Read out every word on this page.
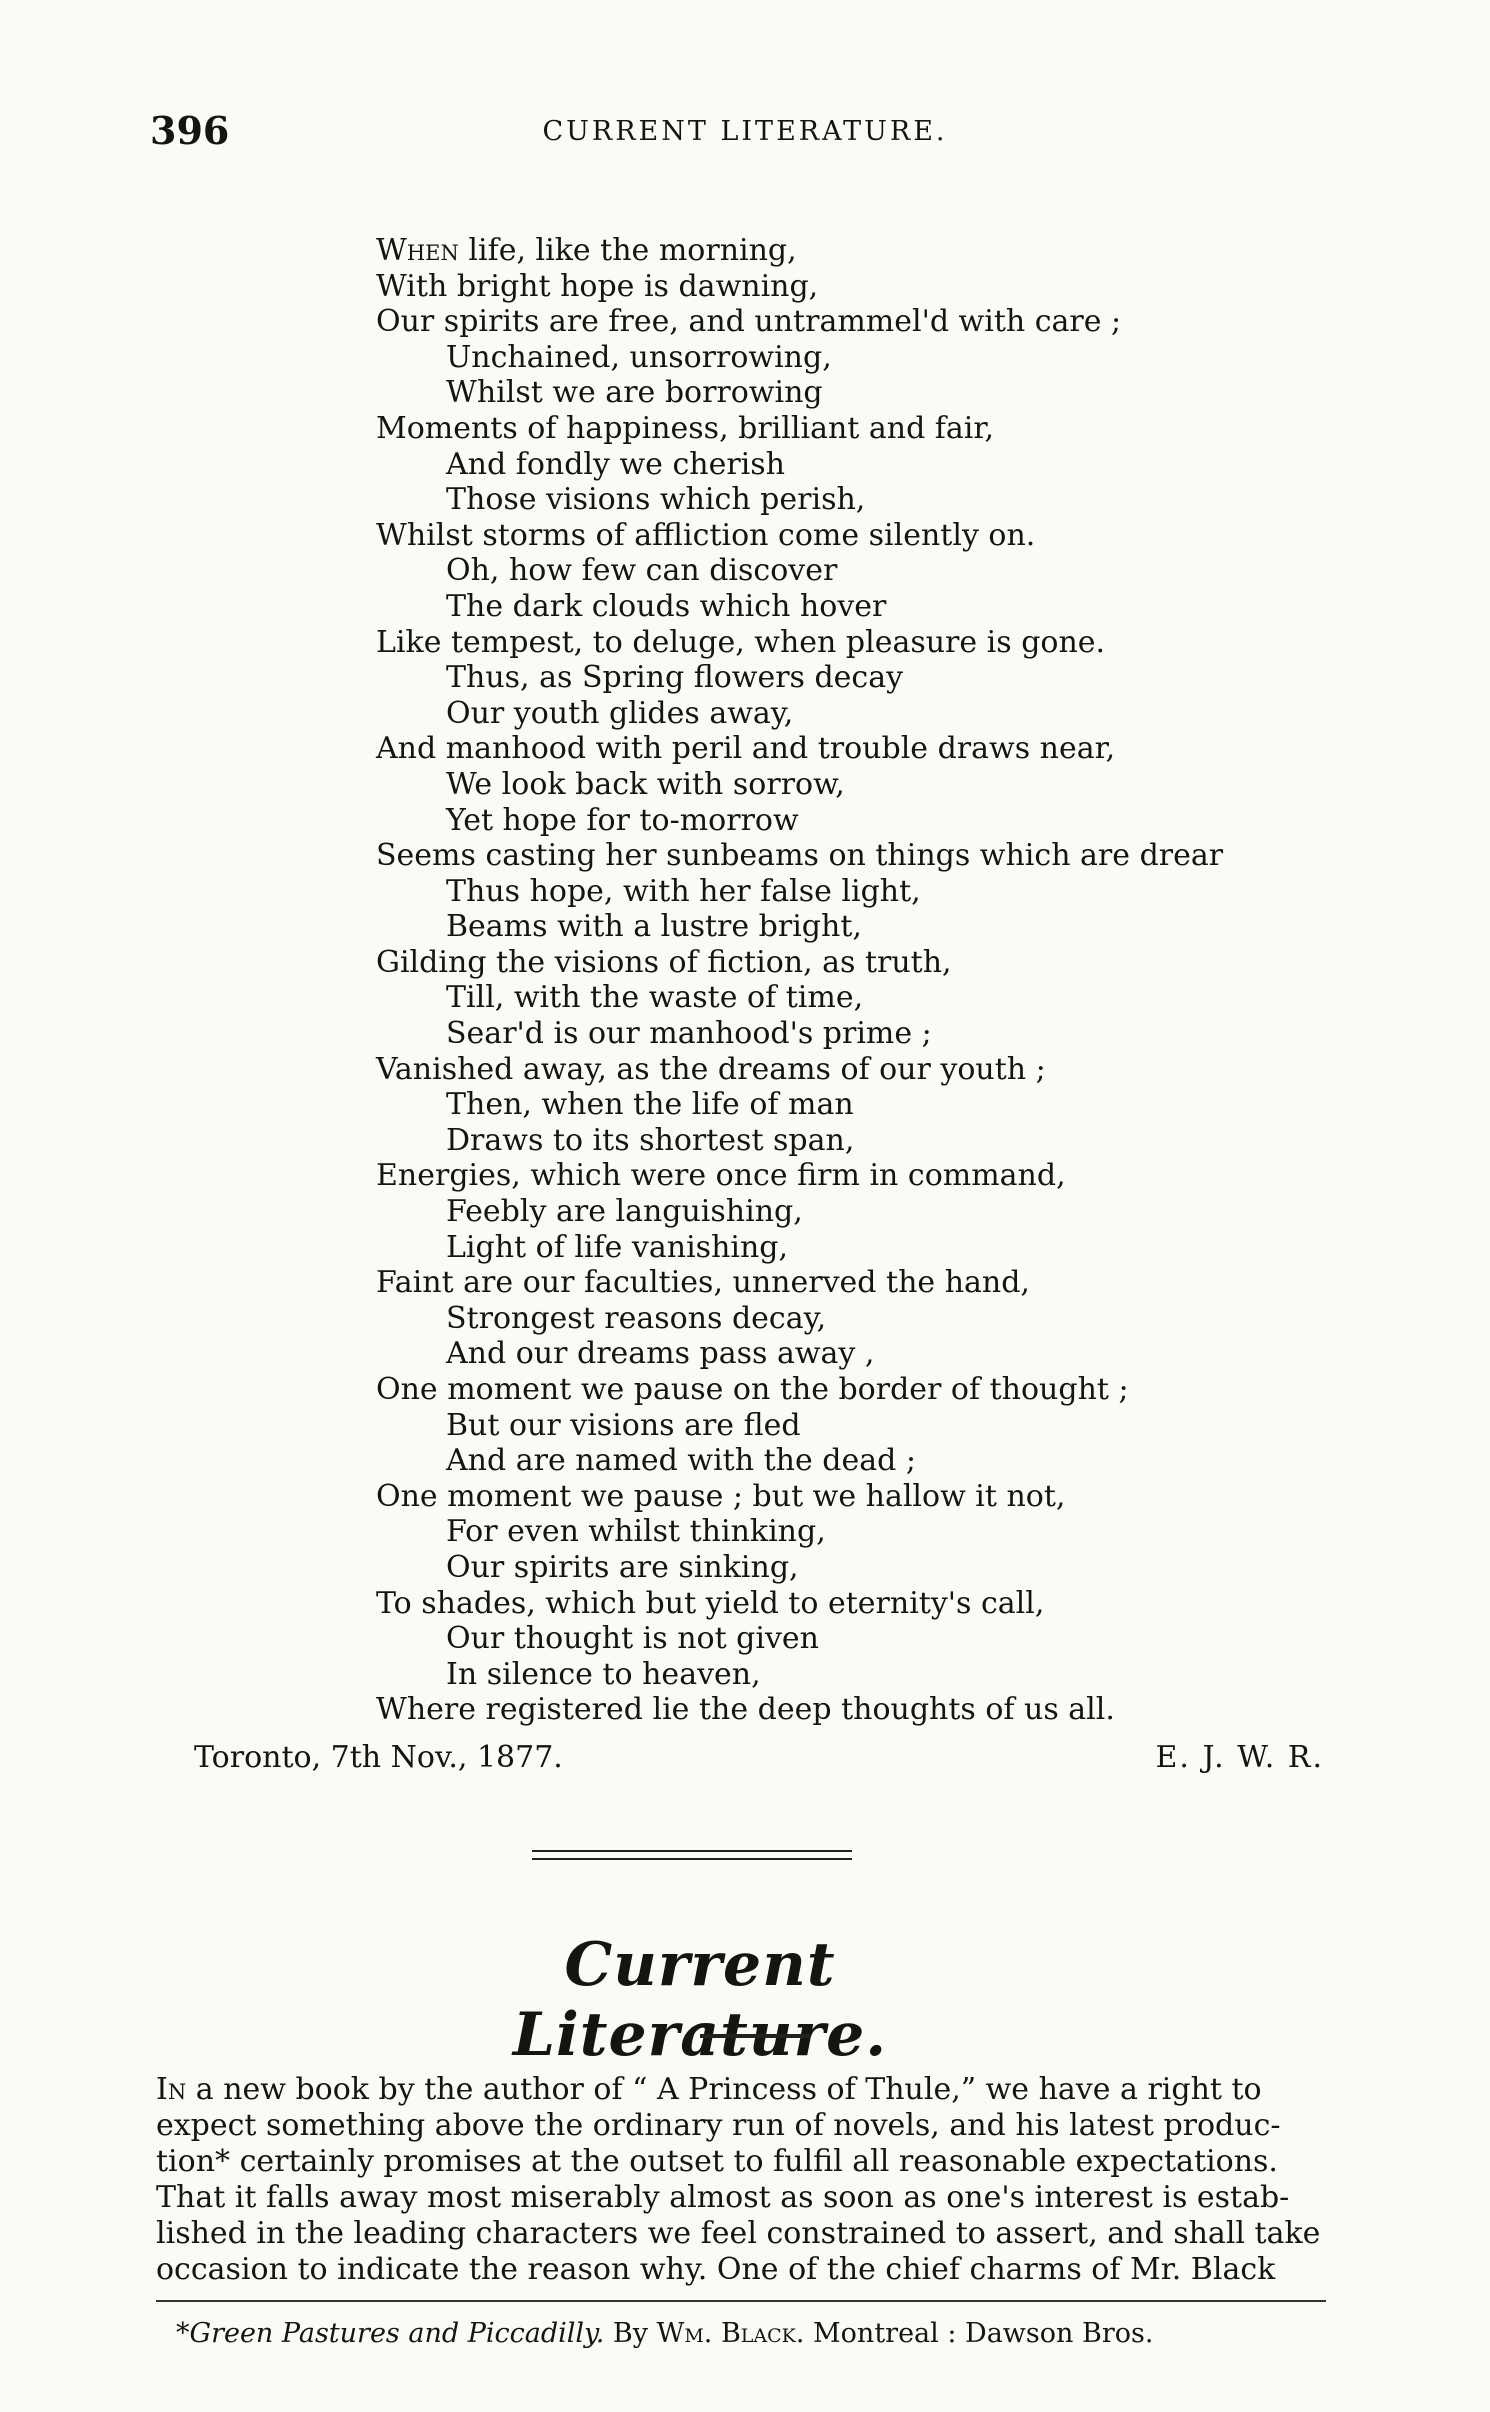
396	CURRENT LITERATURE.
When life, like the morning,
With bright hope is dawning,
Our spirits are free, and untrammel'd with care ;
Unchained, unsorrowing,
Whilst we are borrowing
Moments of happiness, brilliant and fair,
And fondly we cherish
Those visions which perish,
Whilst storms of affliction come silently on.
Oh, how few can discover
The dark clouds which hover
Like tempest, to deluge, when pleasure is gone.
Thus, as Spring flowers decay
Our youth glides away,
And manhood with peril and trouble draws near,
We look back with sorrow,
Yet hope for to-morrow
Seems casting her sunbeams on things which are drear
Thus hope, with her false light,
Beams with a lustre bright,
Gilding the visions of fiction, as truth,
Till, with the waste of time,
Sear'd is our manhood's prime ;
Vanished away, as the dreams of our youth ;
Then, when the life of man
Draws to its shortest span,
Energies, which were once firm in command,
Feebly are languishing,
Light of life vanishing,
Faint are our faculties, unnerved the hand,
Strongest reasons decay,
And our dreams pass away ,
One moment we pause on the border of thought ;
But our visions are fled
And are named with the dead ;
One moment we pause ; but we hallow it not,
For even whilst thinking,
Our spirits are sinking,
To shades, which but yield to eternity's call,
Our thought is not given
In silence to heaven,
Where registered lie the deep thoughts of us all.
Toronto, 7th Nov., 1877.	E. J. W. R.
Current Literature.
In a new book by the author of “ A Princess of Thule,” we have a right to
expect something above the ordinary run of novels, and his latest produc-
tion* certainly promises at the outset to fulfil all reasonable expectations.
That it falls away most miserably almost as soon as one's interest is estab-
lished in the leading characters we feel constrained to assert, and shall take
occasion to indicate the reason why. One of the chief charms of Mr. Black
*Green Pastures and Piccadilly. By Wm. Black. Montreal : Dawson Bros.
